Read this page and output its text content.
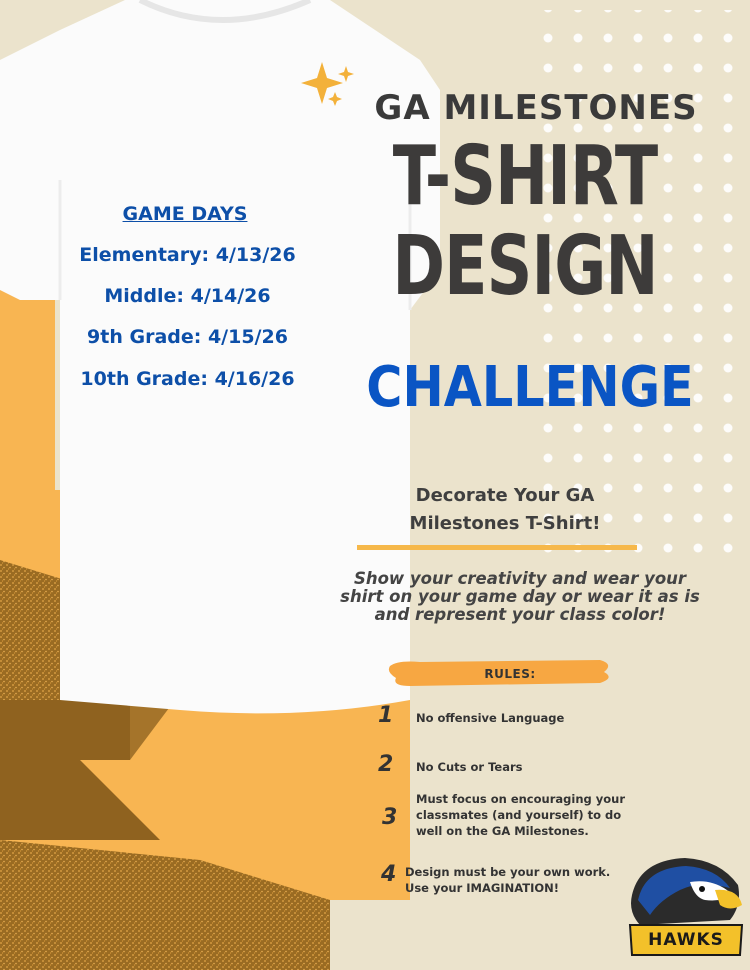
GAME DAYS

Elementary: 4/13/26

Middle: 4/14/26

9th Grade: 4/15/26

10th Grade: 4/16/26

GA MILESTONES

T-SHIRT

DESIGN

CHALLENGE

Decorate Your GA
Milestones T-Shirt!
Show your creativity and wear your
shirt on your game day or wear it as is
and represent your class color!

RULES:

1 No offensive Language
2 No Cuts or Tears
3
Must focus on encouraging your classmates (and yourself) to do well on the GA Milestones.
4 Design must be your own work. Use your IMAGINATION!
HAWKS
